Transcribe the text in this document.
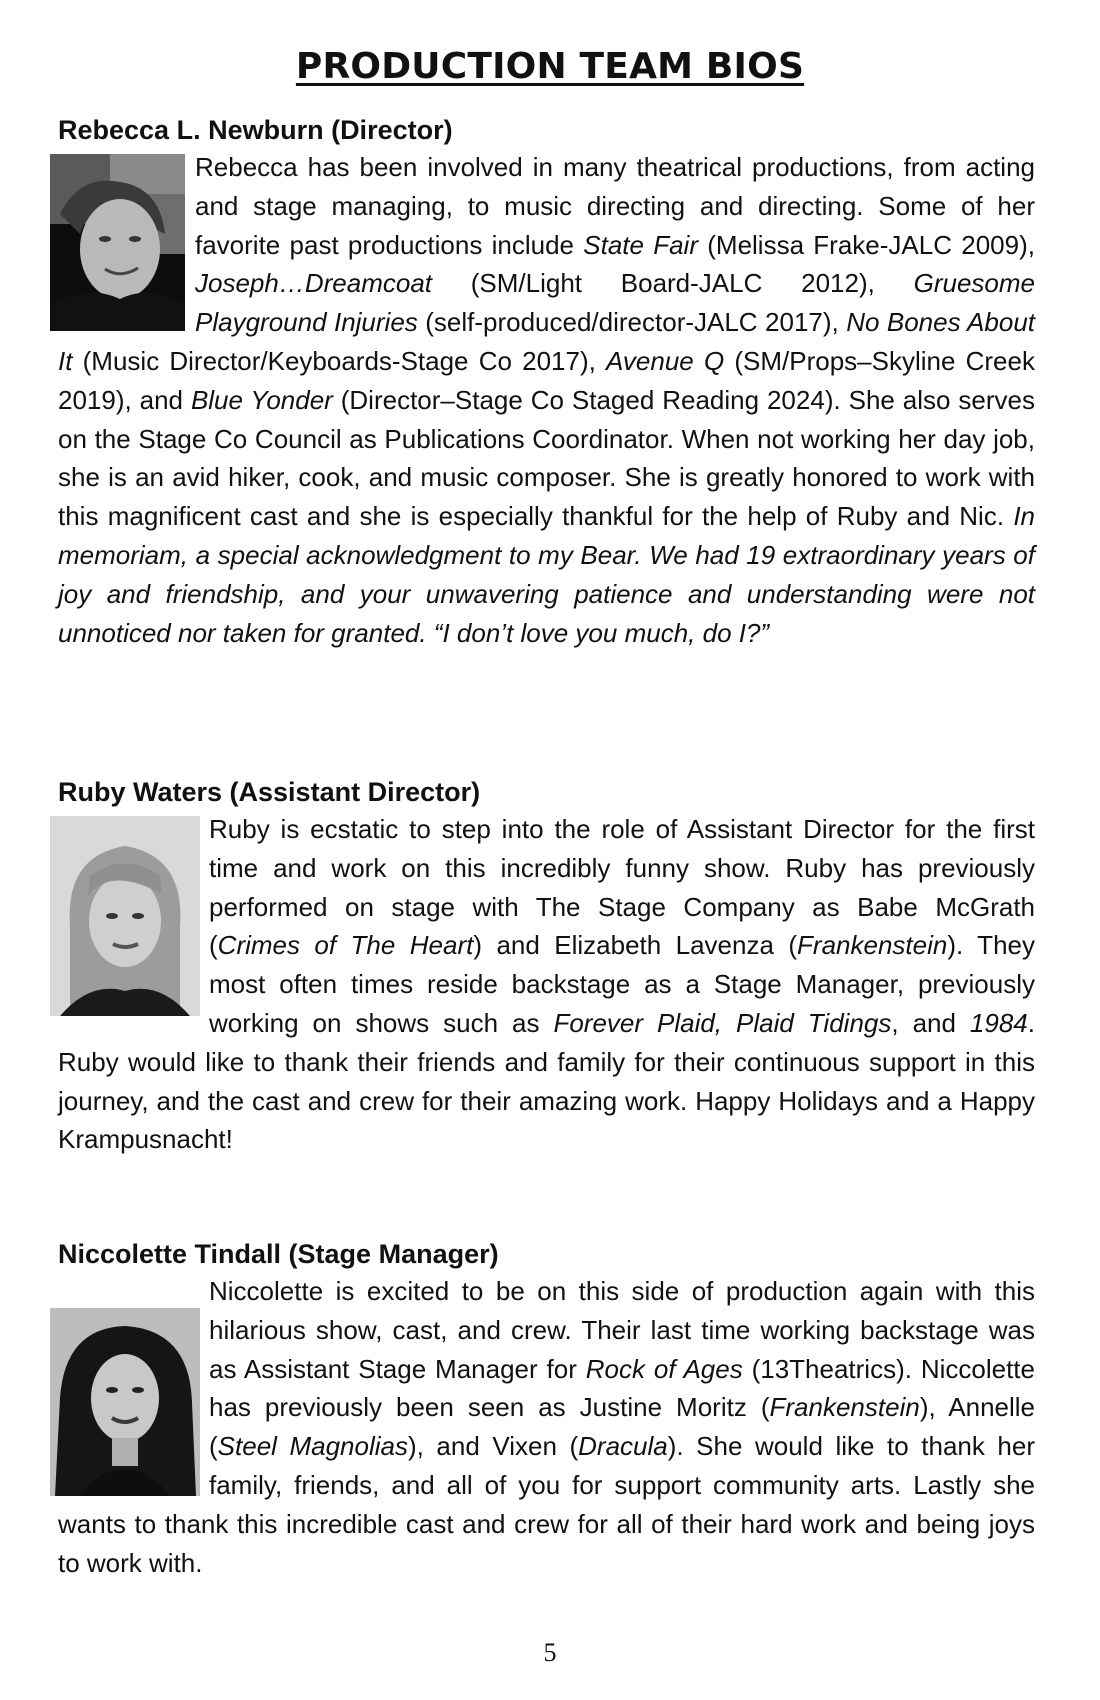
PRODUCTION TEAM BIOS
Rebecca L. Newburn (Director)
Rebecca has been involved in many theatrical productions, from acting and stage managing, to music directing and directing. Some of her favorite past productions include State Fair (Melissa Frake-JALC 2009), Joseph…Dreamcoat (SM/Light Board-JALC 2012), Gruesome Playground Injuries (self-produced/director-JALC 2017), No Bones About It (Music Director/Keyboards-Stage Co 2017), Avenue Q (SM/Props–Skyline Creek 2019), and Blue Yonder (Director–Stage Co Staged Reading 2024). She also serves on the Stage Co Council as Publications Coordinator. When not working her day job, she is an avid hiker, cook, and music composer. She is greatly honored to work with this magnificent cast and she is especially thankful for the help of Ruby and Nic. In memoriam, a special acknowledgment to my Bear. We had 19 extraordinary years of joy and friendship, and your unwavering patience and understanding were not unnoticed nor taken for granted. “I don’t love you much, do I?”
Ruby Waters (Assistant Director)
Ruby is ecstatic to step into the role of Assistant Director for the first time and work on this incredibly funny show. Ruby has previously performed on stage with The Stage Company as Babe McGrath (Crimes of The Heart) and Elizabeth Lavenza (Frankenstein). They most often times reside backstage as a Stage Manager, previously working on shows such as Forever Plaid, Plaid Tidings, and 1984. Ruby would like to thank their friends and family for their continuous support in this journey, and the cast and crew for their amazing work. Happy Holidays and a Happy Krampusnacht!
Niccolette Tindall (Stage Manager)
Niccolette is excited to be on this side of production again with this hilarious show, cast, and crew. Their last time working backstage was as Assistant Stage Manager for Rock of Ages (13Theatrics). Niccolette has previously been seen as Justine Moritz (Frankenstein), Annelle (Steel Magnolias), and Vixen (Dracula). She would like to thank her family, friends, and all of you for support community arts. Lastly she wants to thank this incredible cast and crew for all of their hard work and being joys to work with.
5
